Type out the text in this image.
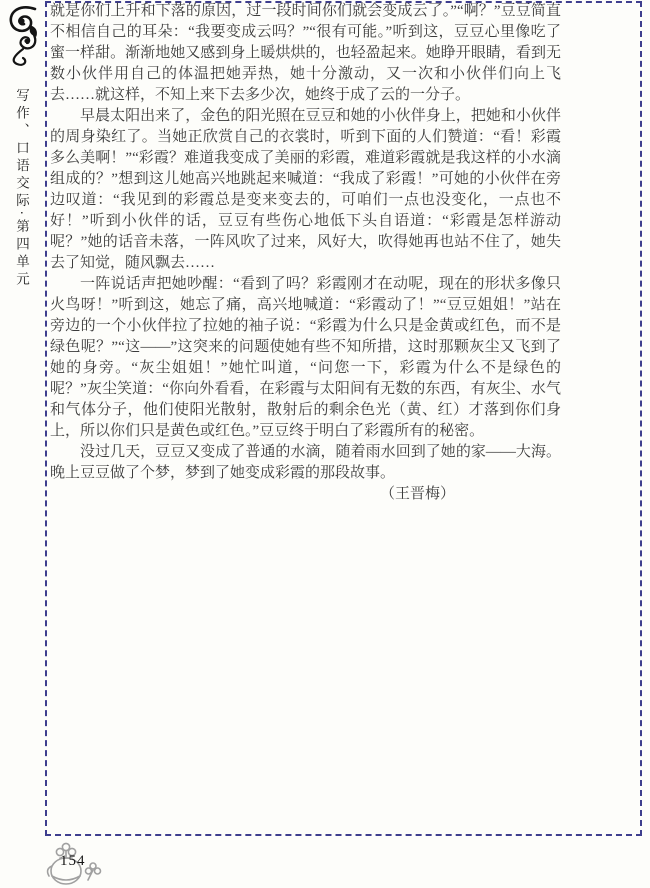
写作、口语交际·第四单元

就是你们上升和下落的原因，过一段时间你们就会变成云了。”“啊？”豆豆简直不相信自己的耳朵：“我要变成云吗？”“很有可能。”听到这，豆豆心里像吃了蜜一样甜。渐渐地她又感到身上暖烘烘的，也轻盈起来。她睁开眼睛，看到无数小伙伴用自己的体温把她弄热，她十分激动，又一次和小伙伴们向上飞去……就这样，不知上来下去多少次，她终于成了云的一分子。

早晨太阳出来了，金色的阳光照在豆豆和她的小伙伴身上，把她和小伙伴的周身染红了。当她正欣赏自己的衣裳时，听到下面的人们赞道：“看！彩霞多么美啊！”“彩霞？难道我变成了美丽的彩霞，难道彩霞就是我这样的小水滴组成的？”想到这儿她高兴地跳起来喊道：“我成了彩霞！”可她的小伙伴在旁边叹道：“我见到的彩霞总是变来变去的，可咱们一点也没变化，一点也不好！”听到小伙伴的话，豆豆有些伤心地低下头自语道：“彩霞是怎样游动呢？”她的话音未落，一阵风吹了过来，风好大，吹得她再也站不住了，她失去了知觉，随风飘去……

一阵说话声把她吵醒：“看到了吗？彩霞刚才在动呢，现在的形状多像只火鸟呀！”听到这，她忘了痛，高兴地喊道：“彩霞动了！”“豆豆姐姐！”站在旁边的一个小伙伴拉了拉她的袖子说：“彩霞为什么只是金黄或红色，而不是绿色呢？”“这——”这突来的问题使她有些不知所措，这时那颗灰尘又飞到了她的身旁。“灰尘姐姐！”她忙叫道，“问您一下，彩霞为什么不是绿色的呢？”灰尘笑道：“你向外看看，在彩霞与太阳间有无数的东西，有灰尘、水气和气体分子，他们使阳光散射，散射后的剩余色光（黄、红）才落到你们身上，所以你们只是黄色或红色。”豆豆终于明白了彩霞所有的秘密。

没过几天，豆豆又变成了普通的水滴，随着雨水回到了她的家——大海。晚上豆豆做了个梦，梦到了她变成彩霞的那段故事。

（王晋梅）

154
